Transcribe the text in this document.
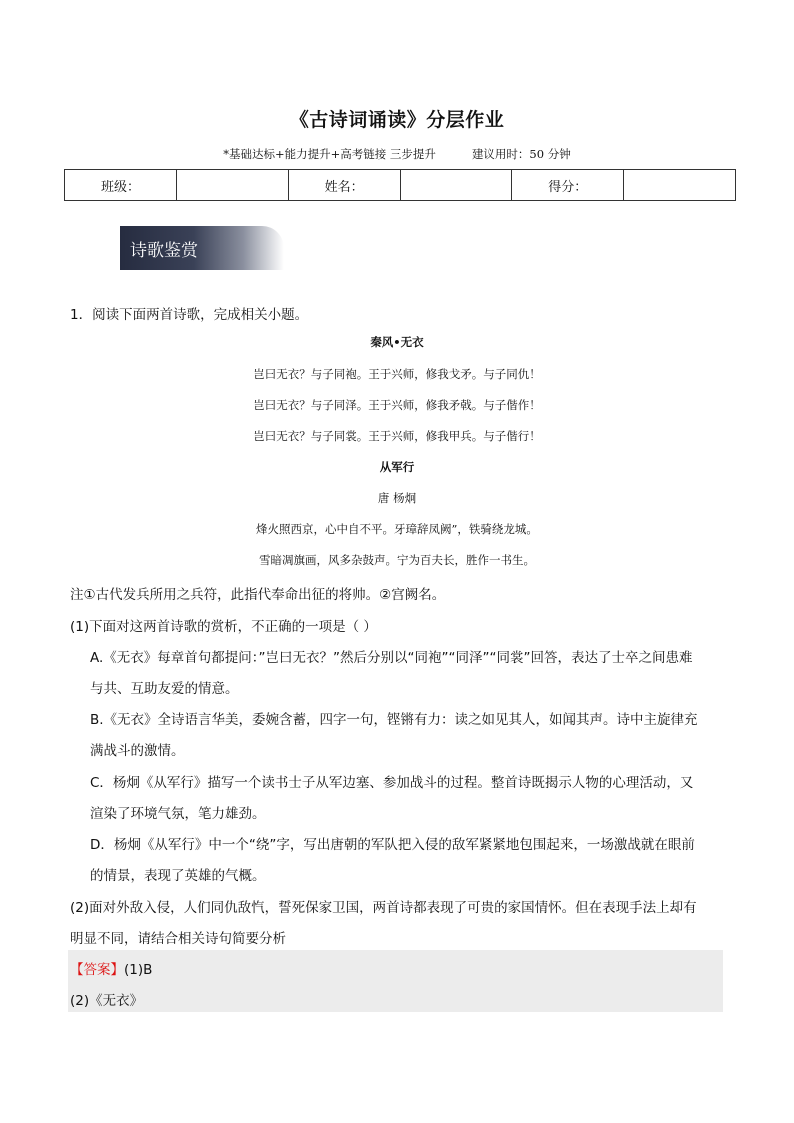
《古诗词诵读》分层作业
*基础达标+能力提升+高考链接 三步提升	建议用时：50 分钟
班级：		姓名：		得分：	
诗歌鉴赏
1．阅读下面两首诗歌，完成相关小题。
秦风•无衣
岂曰无衣？与子同袍。王于兴师，修我戈矛。与子同仇！
岂曰无衣？与子同泽。王于兴师，修我矛戟。与子偕作！
岂曰无衣？与子同裳。王于兴师，修我甲兵。与子偕行！
从军行
唐 杨炯
烽火照西京，心中自不平。牙璋辞凤阙”，铁骑绕龙城。
雪暗凋旗画，风多杂鼓声。宁为百夫长，胜作一书生。
注①古代发兵所用之兵符，此指代奉命出征的将帅。②宫阙名。
(1)下面对这两首诗歌的赏析，不正确的一项是（ ）
A.《无衣》每章首句都提问：”岂曰无衣？”然后分别以“同袍”“同泽”“同裳”回答，表达了士卒之间患难
与共、互助友爱的情意。
B.《无衣》全诗语言华美，委婉含蓄，四字一句，铿锵有力：读之如见其人，如闻其声。诗中主旋律充
满战斗的激情。
C．杨炯《从军行》描写一个读书士子从军边塞、参加战斗的过程。整首诗既揭示人物的心理活动，又
渲染了环境气氛，笔力雄劲。
D．杨炯《从军行》中一个“绕”字，写出唐朝的军队把入侵的敌军紧紧地包围起来，一场激战就在眼前
的情景，表现了英雄的气概。
(2)面对外敌入侵，人们同仇敌忾，誓死保家卫国，两首诗都表现了可贵的家国情怀。但在表现手法上却有
明显不同，请结合相关诗句简要分析
【答案】(1)B
(2)《无衣》
